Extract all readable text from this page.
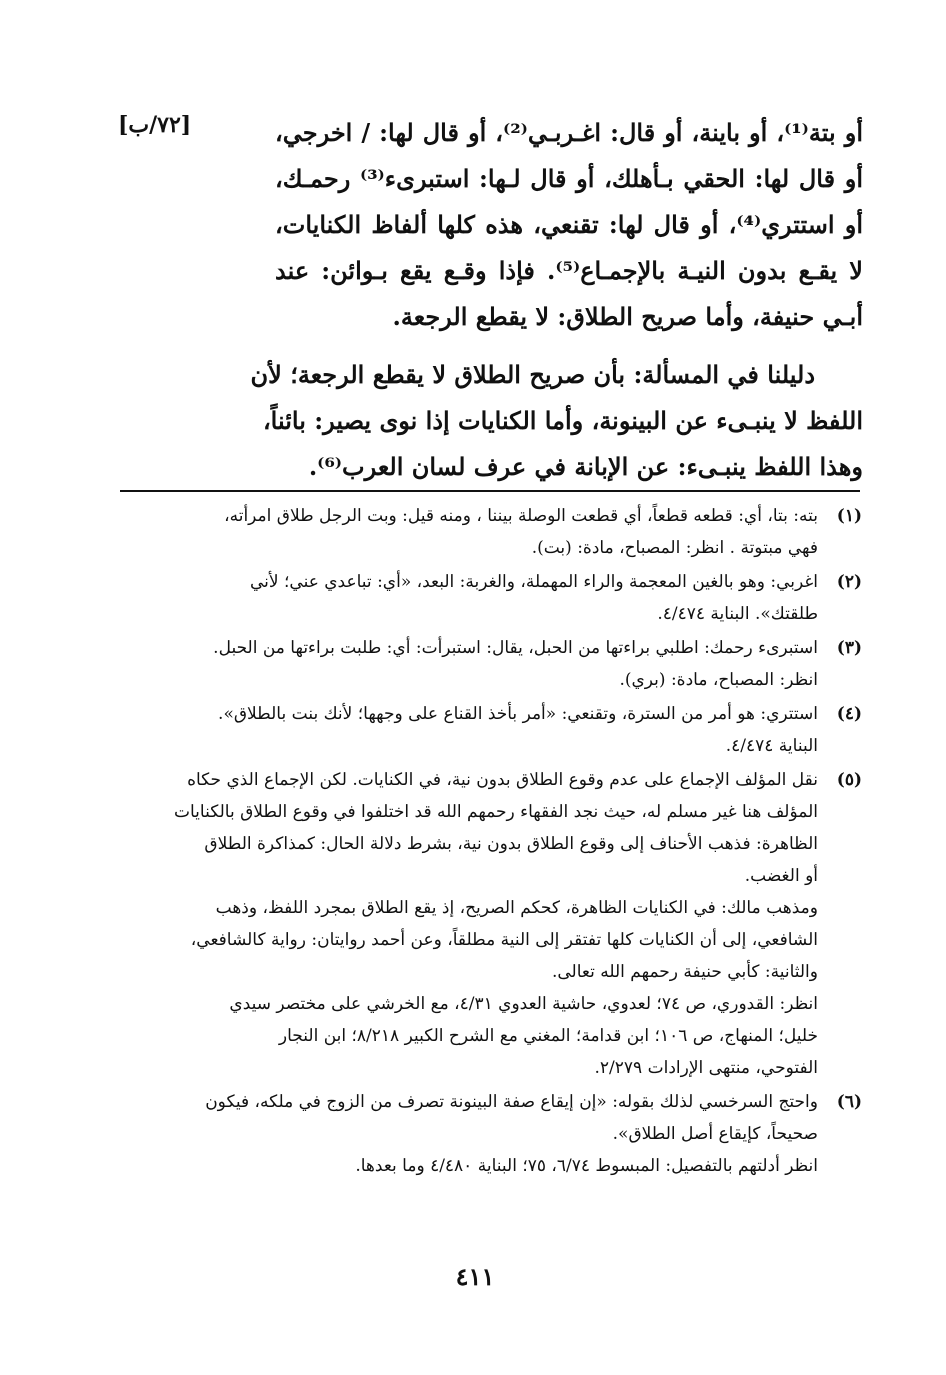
[٧٢/ب]	أو بتة⁽¹⁾، أو باينة، أو قال: اغـربـي⁽²⁾، أو قال لها: / اخرجي،
أو قال لها: الحقي بـأهلك، أو قال لـها: استبرىء⁽³⁾ رحمـك،
أو استتري⁽⁴⁾، أو قال لها: تقنعي، هذه كلها ألفاظ الكنايات،
لا يقـع بدون النيـة بالإجمـاع⁽⁵⁾. فإذا وقـع يقع بـوائن: عند
أبـي حنيفة، وأما صريح الطلاق: لا يقطع الرجعة.
دليلنا في المسألة: بأن صريح الطلاق لا يقطع الرجعة؛ لأن
اللفظ لا ينبـىء عن البينونة، وأما الكنايات إذا نوى يصير: بائناً،
وهذا اللفظ ينبـىء: عن الإبانة في عرف لسان العرب⁽⁶⁾.
(١)
بته: بتا، أي: قطعه قطعاً، أي قطعت الوصلة بيننا ، ومنه قيل: وبت الرجل طلاق امرأته،
فهي مبتوتة . انظر: المصباح، مادة: (بت).
(٢)
اغربي: وهو بالغين المعجمة والراء المهملة، والغربة: البعد، «أي: تباعدي عني؛ لأني
طلقتك». البناية ٤/٤٧٤.
(٣)
استبرىء رحمك: اطلبي براءتها من الحبل، يقال: استبرأت: أي: طلبت براءتها من الحبل.
انظر: المصباح، مادة: (بري).
(٤)
استتري: هو أمر من السترة، وتقنعي: «أمر بأخذ القناع على وجهها؛ لأنك بنت بالطلاق».
البناية ٤/٤٧٤.
(٥)
نقل المؤلف الإجماع على عدم وقوع الطلاق بدون نية، في الكنايات. لكن الإجماع الذي حكاه
المؤلف هنا غير مسلم له، حيث نجد الفقهاء رحمهم الله قد اختلفوا في وقوع الطلاق بالكنايات
الظاهرة: فذهب الأحناف إلى وقوع الطلاق بدون نية، بشرط دلالة الحال: كمذاكرة الطلاق
أو الغضب.
ومذهب مالك: في الكنايات الظاهرة، كحكم الصريح، إذ يقع الطلاق بمجرد اللفظ، وذهب
الشافعي، إلى أن الكنايات كلها تفتقر إلى النية مطلقاً، وعن أحمد روايتان: رواية كالشافعي،
والثانية: كأبي حنيفة رحمهم الله تعالى.
انظر: القدوري، ص ٧٤؛ لعدوي، حاشية العدوي ٤/٣١، مع الخرشي على مختصر سيدي
خليل؛ المنهاج، ص ١٠٦؛ ابن قدامة؛ المغني مع الشرح الكبير ٨/٢١٨؛ ابن النجار
الفتوحي، منتهى الإرادات ٢/٢٧٩.
(٦)
واحتج السرخسي لذلك بقوله: «إن إيقاع صفة البينونة تصرف من الزوج في ملكه، فيكون
صحيحاً، كإيقاع أصل الطلاق».
انظر أدلتهم بالتفصيل: المبسوط ٦/٧٤، ٧٥؛ البناية ٤/٤٨٠ وما بعدها.
٤١١
